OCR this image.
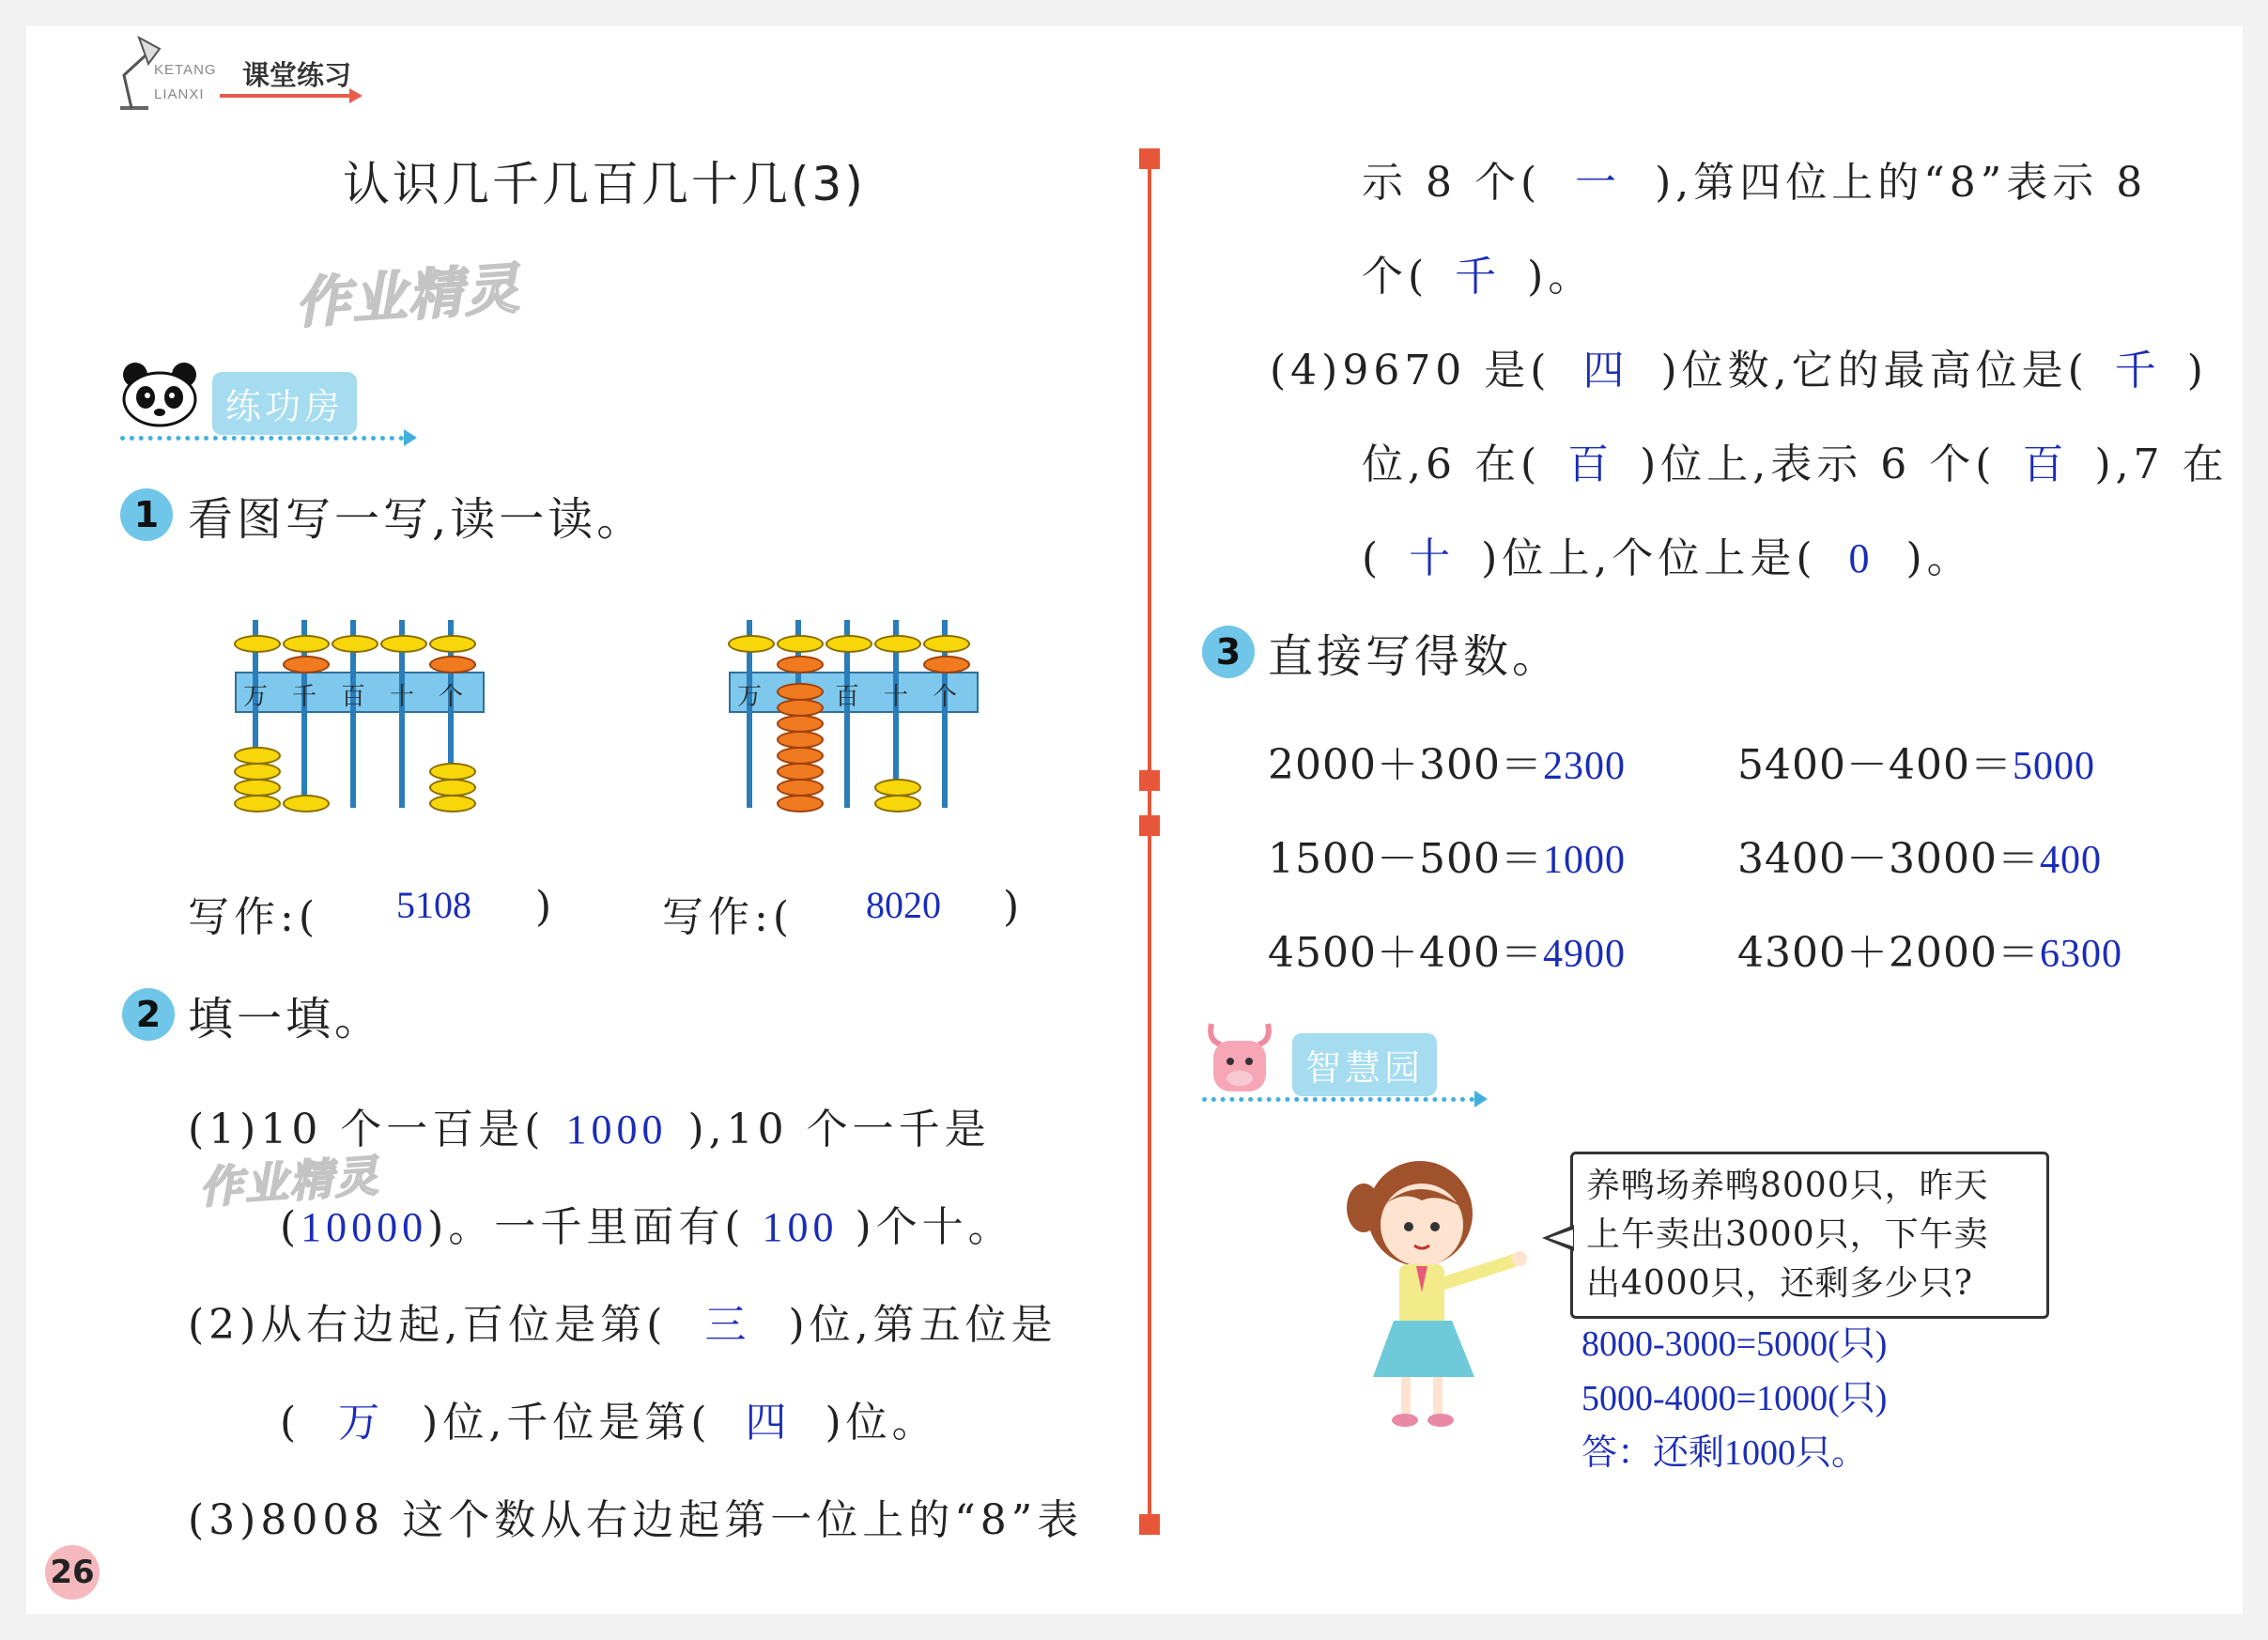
KETANG 课堂练习
LIANXI
认识几千几百几十几(3)
作业精灵
练功房
1 看图写一写,读一读。
万 千 百 十 个	万	百 十 个
写作:( 5108 )	写作:( 8020 )
2 填一填。
(1)10 个一百是( 1000 ),10 个一千是
作业精灵
(10000)。一千里面有( 100 )个十。
(2)从右边起,百位是第( 三 )位,第五位是
( 万 )位,千位是第( 四 )位。
(3)8008 这个数从右边起第一位上的“8”表
26
示 8 个( 一 ),第四位上的“8”表示 8
个( 千 )。
(4)9670 是( 四 )位数,它的最高位是( 千 )
位,6 在( 百 )位上,表示 6 个( 百 ),7 在
( 十 )位上,个位上是( 0 )。
3 直接写得数。
2000＋300＝2300	5400－400＝5000
1500－500＝1000	3400－3000＝400
4500＋400＝4900	4300＋2000＝6300
智慧园
养鸭场养鸭8000只，昨天
上午卖出3000只，下午卖
出4000只，还剩多少只?
8000-3000=5000(只)
5000-4000=1000(只)
答：还剩1000只。
